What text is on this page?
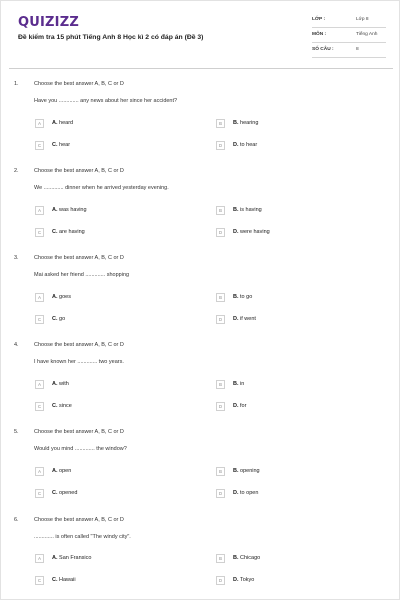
QUIZIZZ
Đề kiểm tra 15 phút Tiếng Anh 8 Học kì 2 có đáp án (Đề 3)
LỚP :	Lớp 8
MÔN :	Tiếng Anh
SỐ CÂU :	8
1.	Choose the best answer A, B, C or D
Have you ............. any news about her since her accident?
A	A. heard	B	B. hearing
C	C. hear	D	D. to hear
2.	Choose the best answer A, B, C or D
We ............. dinner when he arrived yesterday evening.
A	A. was having	B	B. is having
C	C. are having	D	D. were having
3.	Choose the best answer A, B, C or D
Mai asked her friend ............. shopping
A	A. goes	B	B. to go
C	C. go	D	D. if went
4.	Choose the best answer A, B, C or D
I have known her ............. two years.
A	A. with	B	B. in
C	C. since	D	D. for
5.	Choose the best answer A, B, C or D
Would you mind ............. the window?
A	A. open	B	B. opening
C	C. opened	D	D. to open
6.	Choose the best answer A, B, C or D
............. is often called "The windy city".
A	A. San Fransico	B	B. Chicago
C	C. Hawaii	D	D. Tokyo
